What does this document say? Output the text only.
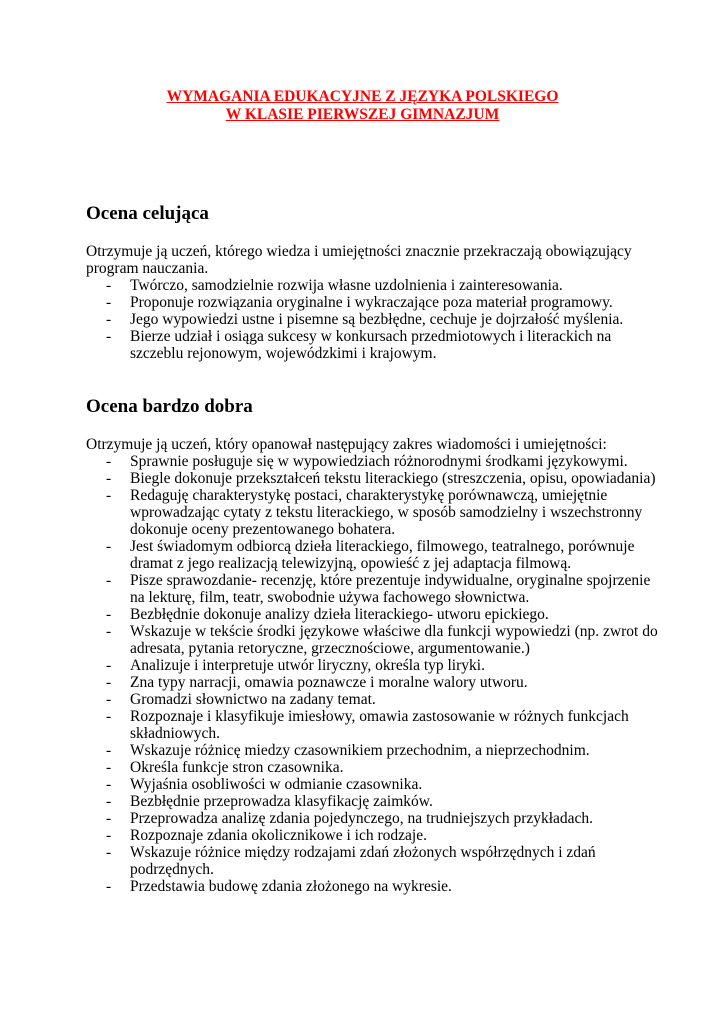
WYMAGANIA EDUKACYJNE Z JĘZYKA POLSKIEGO
W KLASIE PIERWSZEJ GIMNAZJUM
Ocena celująca

Otrzymuje ją uczeń, którego wiedza i umiejętności znacznie przekraczają obowiązujący program nauczania.

- Twórczo, samodzielnie rozwija własne uzdolnienia i zainteresowania.
- Proponuje rozwiązania oryginalne i wykraczające poza materiał programowy.
- Jego wypowiedzi ustne i pisemne są bezbłędne, cechuje je dojrzałość myślenia.
- Bierze udział i osiąga sukcesy w konkursach przedmiotowych i literackich na szczeblu rejonowym, wojewódzkimi i krajowym.
Ocena bardzo dobra

Otrzymuje ją uczeń, który opanował następujący zakres wiadomości i umiejętności:

- Sprawnie posługuje się w wypowiedziach różnorodnymi środkami językowymi.
- Biegle dokonuje przekształceń tekstu literackiego (streszczenia, opisu, opowiadania)
- Redaguję charakterystykę postaci, charakterystykę porównawczą, umiejętnie wprowadzając cytaty z tekstu literackiego, w sposób samodzielny i wszechstronny dokonuje oceny prezentowanego bohatera.
- Jest świadomym odbiorcą dzieła literackiego, filmowego, teatralnego, porównuje dramat z jego realizacją telewizyjną, opowieść z jej adaptacja filmową.
- Pisze sprawozdanie- recenzję, które prezentuje indywidualne, oryginalne spojrzenie na lekturę, film, teatr, swobodnie używa fachowego słownictwa.
- Bezbłędnie dokonuje analizy dzieła literackiego- utworu epickiego.
- Wskazuje w tekście środki językowe właściwe dla funkcji wypowiedzi (np. zwrot do adresata, pytania retoryczne, grzecznościowe, argumentowanie.)
- Analizuje i interpretuje utwór liryczny, określa typ liryki.
- Zna typy narracji, omawia poznawcze i moralne walory utworu.
- Gromadzi słownictwo na zadany temat.
- Rozpoznaje i klasyfikuje imiesłowy, omawia zastosowanie w różnych funkcjach składniowych.
- Wskazuje różnicę miedzy czasownikiem przechodnim, a nieprzechodnim.
- Określa funkcje stron czasownika.
- Wyjaśnia osobliwości w odmianie czasownika.
- Bezbłędnie przeprowadza klasyfikację zaimków.
- Przeprowadza analizę zdania pojedynczego, na trudniejszych przykładach.
- Rozpoznaje zdania okolicznikowe i ich rodzaje.
- Wskazuje różnice między rodzajami zdań złożonych współrzędnych i zdań podrzędnych.
- Przedstawia budowę zdania złożonego na wykresie.
